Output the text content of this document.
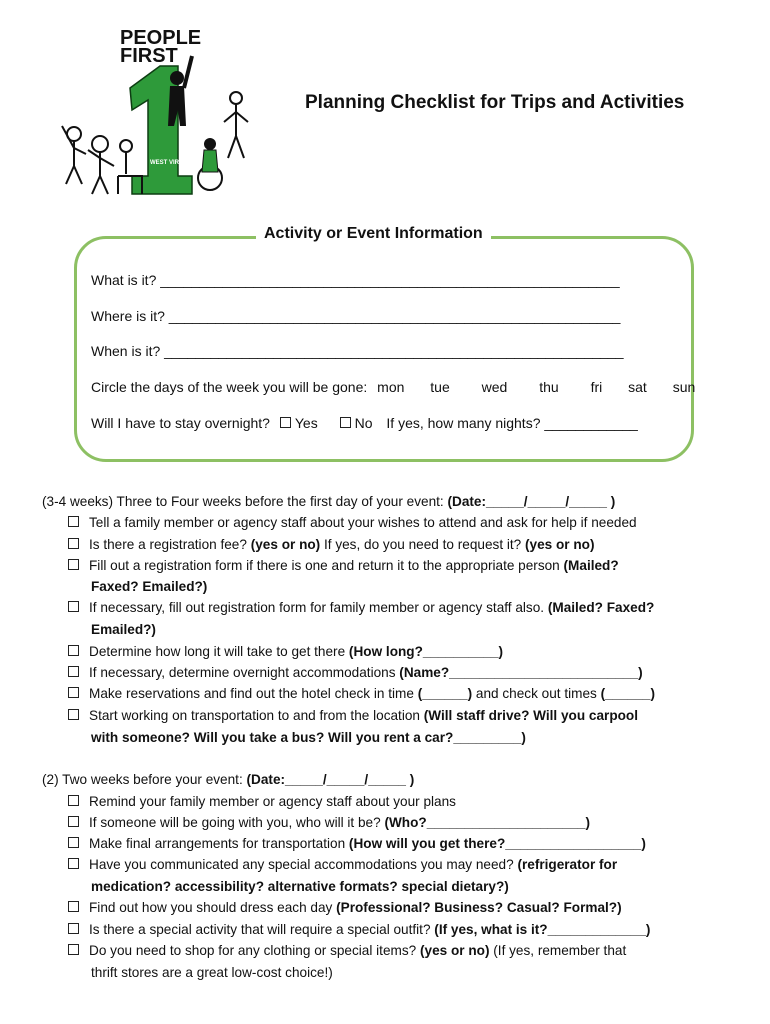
PEOPLE
FIRST
WEST VIRGINIA
Planning Checklist for Trips and Activities
Activity or Event Information
What is it? ___________________________________________________________
Where is it? __________________________________________________________
When is it? ___________________________________________________________
Circle the days of the week you will be gone: mon tue wed thu fri sat sun
Will I have to stay overnight? Yes	No If yes, how many nights? ____________
(3-4 weeks) Three to Four weeks before the first day of your event: (Date:_____/_____/_____ )
Tell a family member or agency staff about your wishes to attend and ask for help if needed
Is there a registration fee? (yes or no) If yes, do you need to request it? (yes or no)
Fill out a registration form if there is one and return it to the appropriate person (Mailed?
Faxed? Emailed?)
If necessary, fill out registration form for family member or agency staff also. (Mailed? Faxed?
Emailed?)
Determine how long it will take to get there (How long?__________)
If necessary, determine overnight accommodations (Name?_________________________)
Make reservations and find out the hotel check in time (______) and check out times (______)
Start working on transportation to and from the location (Will staff drive? Will you carpool
with someone? Will you take a bus? Will you rent a car?_________)
(2) Two weeks before your event: (Date:_____/_____/_____ )
Remind your family member or agency staff about your plans
If someone will be going with you, who will it be? (Who?_____________________)
Make final arrangements for transportation (How will you get there?__________________)
Have you communicated any special accommodations you may need? (refrigerator for
medication? accessibility? alternative formats? special dietary?)
Find out how you should dress each day (Professional? Business? Casual? Formal?)
Is there a special activity that will require a special outfit? (If yes, what is it?_____________)
Do you need to shop for any clothing or special items? (yes or no) (If yes, remember that
thrift stores are a great low-cost choice!)
